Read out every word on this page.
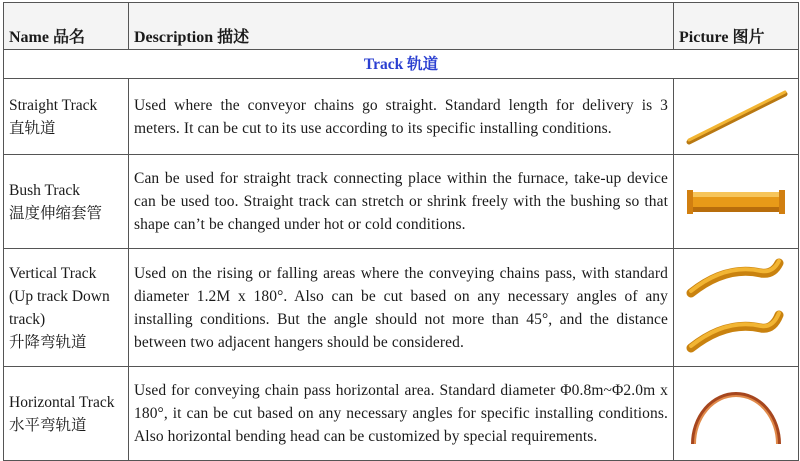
Name 品名	Description 描述	Picture 图片
Track 轨道		
Straight Track
直轨道	Used where the conveyor chains go straight. Standard length for delivery is 3 meters. It can be cut to its use according to its specific installing conditions.	

Bush Track
温度伸缩套管	Can be used for straight track connecting place within the furnace, take-up device can be used too. Straight track can stretch or shrink freely with the bushing so that shape can’t be changed under hot or cold conditions.	

Vertical Track (Up track Down track)
升降弯轨道	Used on the rising or falling areas where the conveying chains pass, with standard diameter 1.2M x 180°. Also can be cut based on any necessary angles of any installing conditions. But the angle should not more than 45°, and the distance between two adjacent hangers should be considered.	

Horizontal Track
水平弯轨道	Used for conveying chain pass horizontal area. Standard diameter Φ0.8m~Φ2.0m x 180°, it can be cut based on any necessary angles for specific installing conditions. Also horizontal bending head can be customized by special requirements.	
